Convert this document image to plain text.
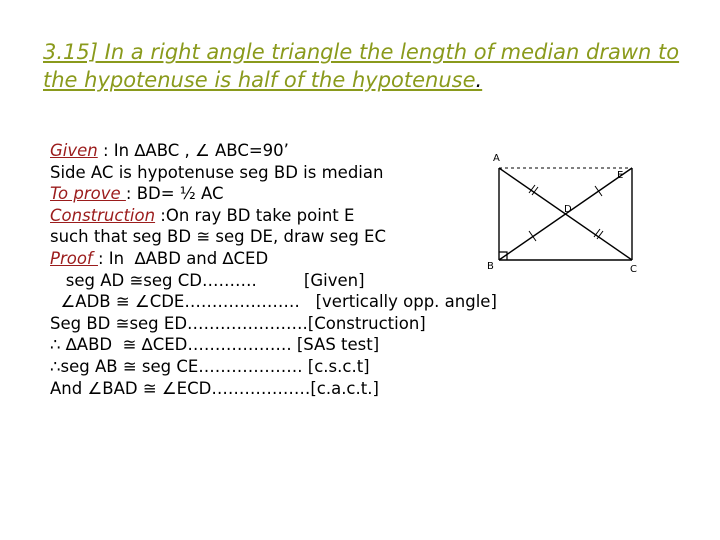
3.15] In a right angle triangle the length of median drawn to the hypotenuse is half of the hypotenuse.
Given : In ∆ABC , ∠ ABC=90’
Side AC is hypotenuse seg BD is median
To prove : BD= ½ AC
Construction :On ray BD take point E
such that seg BD ≅ seg DE, draw seg EC
Proof : In  ∆ABD and ∆CED
seg AD ≅seg CD……….         [Given]
∠ADB ≅ ∠CDE…………………   [vertically opp. angle]
Seg BD ≅seg ED………………….[Construction]
∴ ∆ABD  ≅ ∆CED………………. [SAS test]
∴seg AB ≅ seg CE………………. [c.s.c.t]
And ∠BAD ≅ ∠ECD………………[c.a.c.t.]
A
B	C
D
E
